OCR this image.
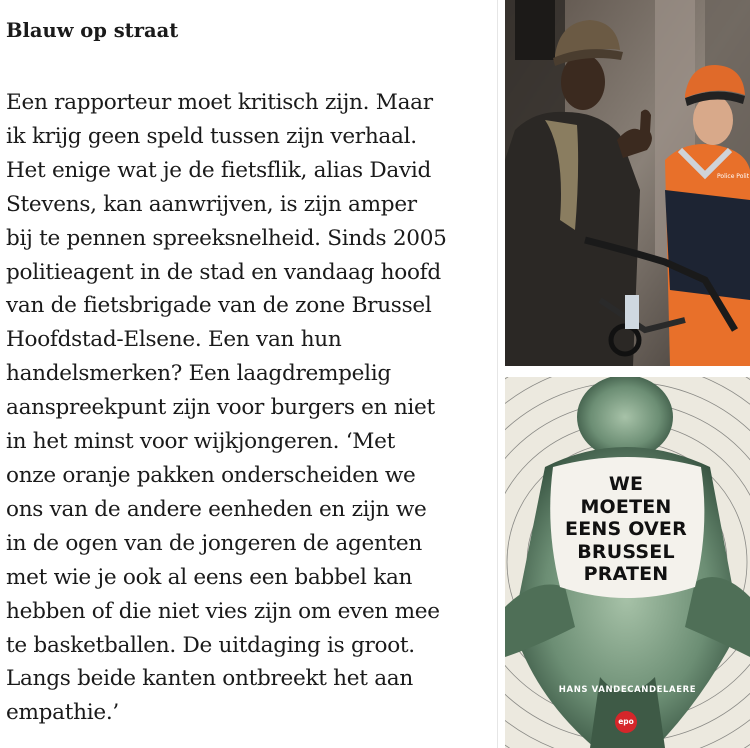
Blauw op straat
Een rapporteur moet kritisch zijn. Maar
ik krijg geen speld tussen zijn verhaal.
Het enige wat je de fietsflik, alias David
Stevens, kan aanwrijven, is zijn amper
bij te pennen spreeksnelheid. Sinds 2005
politieagent in de stad en vandaag hoofd
van de fietsbrigade van de zone Brussel
Hoofdstad-Elsene. Een van hun
handelsmerken? Een laagdrempelig
aanspreekpunt zijn voor burgers en niet
in het minst voor wijkjongeren. ‘Met
onze oranje pakken onderscheiden we
ons van de andere eenheden en zijn we
in de ogen van de jongeren de agenten
met wie je ook al eens een babbel kan
hebben of die niet vies zijn om even mee
te basketballen. De uitdaging is groot.
Langs beide kanten ontbreekt het aan
empathie.’
Police Polit
WE
MOETEN
EENS OVER
BRUSSEL
PRATEN
HANS VANDECANDELAERE
epo
